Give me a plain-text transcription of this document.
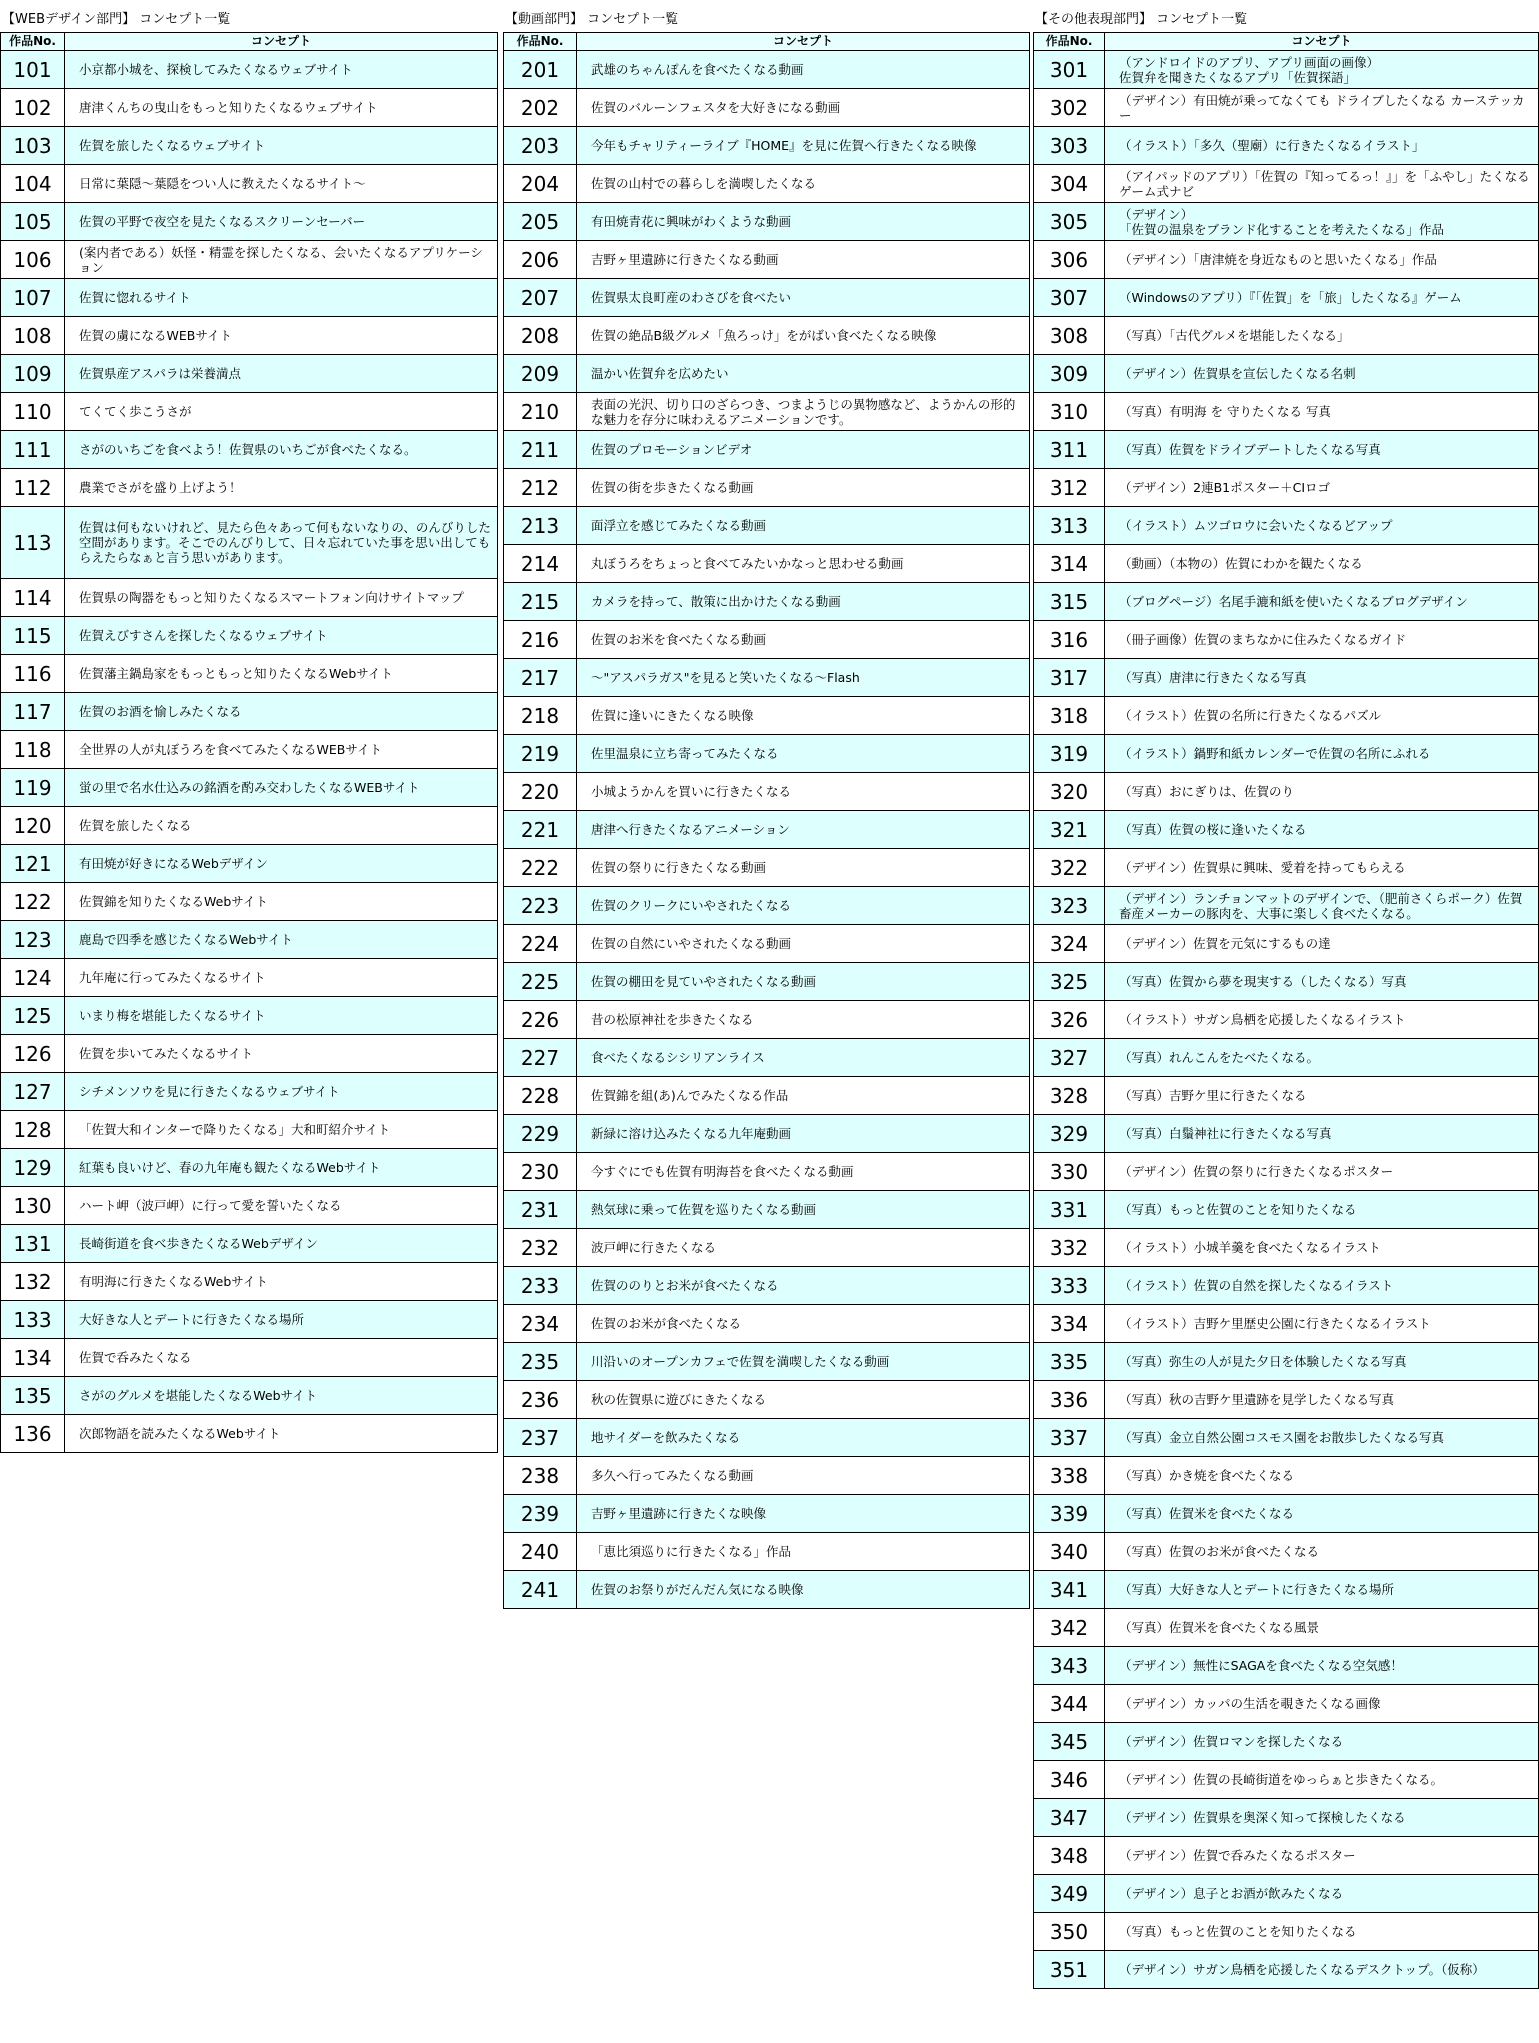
【WEBデザイン部門】 コンセプト一覧
作品No.	コンセプト
101	小京都小城を、探検してみたくなるウェブサイト
102	唐津くんちの曳山をもっと知りたくなるウェブサイト
103	佐賀を旅したくなるウェブサイト
104	日常に葉隠～葉隠をつい人に教えたくなるサイト～
105	佐賀の平野で夜空を見たくなるスクリーンセーバー
106	(案内者である）妖怪・精霊を探したくなる、会いたくなるアプリケーション
107	佐賀に惚れるサイト
108	佐賀の虜になるWEBサイト
109	佐賀県産アスパラは栄養満点
110	てくてく歩こうさが
111	さがのいちごを食べよう！佐賀県のいちごが食べたくなる。
112	農業でさがを盛り上げよう！
113	佐賀は何もないけれど、見たら色々あって何もないなりの、のんびりした空間があります。そこでのんびりして、日々忘れていた事を思い出してもらえたらなぁと言う思いがあります。
114	佐賀県の陶器をもっと知りたくなるスマートフォン向けサイトマップ
115	佐賀えびすさんを探したくなるウェブサイト
116	佐賀藩主鍋島家をもっともっと知りたくなるWebサイト
117	佐賀のお酒を愉しみたくなる
118	全世界の人が丸ぼうろを食べてみたくなるWEBサイト
119	蛍の里で名水仕込みの銘酒を酌み交わしたくなるWEBサイト
120	佐賀を旅したくなる
121	有田焼が好きになるWebデザイン
122	佐賀錦を知りたくなるWebサイト
123	鹿島で四季を感じたくなるWebサイト
124	九年庵に行ってみたくなるサイト
125	いまり梅を堪能したくなるサイト
126	佐賀を歩いてみたくなるサイト
127	シチメンソウを見に行きたくなるウェブサイト
128	「佐賀大和インターで降りたくなる」大和町紹介サイト
129	紅葉も良いけど、春の九年庵も観たくなるWebサイト
130	ハート岬（波戸岬）に行って愛を誓いたくなる
131	長崎街道を食べ歩きたくなるWebデザイン
132	有明海に行きたくなるWebサイト
133	大好きな人とデートに行きたくなる場所
134	佐賀で呑みたくなる
135	さがのグルメを堪能したくなるWebサイト
136	次郎物語を読みたくなるWebサイト
【動画部門】 コンセプト一覧
作品No.	コンセプト
201	武雄のちゃんぽんを食べたくなる動画
202	佐賀のバルーンフェスタを大好きになる動画
203	今年もチャリティーライブ『HOME』を見に佐賀へ行きたくなる映像
204	佐賀の山村での暮らしを満喫したくなる
205	有田焼青花に興味がわくような動画
206	吉野ヶ里遺跡に行きたくなる動画
207	佐賀県太良町産のわさびを食べたい
208	佐賀の絶品B級グルメ「魚ろっけ」をがばい食べたくなる映像
209	温かい佐賀弁を広めたい
210	表面の光沢、切り口のざらつき、つまようじの異物感など、ようかんの形的な魅力を存分に味わえるアニメーションです。
211	佐賀のプロモーションビデオ
212	佐賀の街を歩きたくなる動画
213	面浮立を感じてみたくなる動画
214	丸ぼうろをちょっと食べてみたいかなっと思わせる動画
215	カメラを持って、散策に出かけたくなる動画
216	佐賀のお米を食べたくなる動画
217	～"アスパラガス"を見ると笑いたくなる～Flash
218	佐賀に逢いにきたくなる映像
219	佐里温泉に立ち寄ってみたくなる
220	小城ようかんを買いに行きたくなる
221	唐津へ行きたくなるアニメーション
222	佐賀の祭りに行きたくなる動画
223	佐賀のクリークにいやされたくなる
224	佐賀の自然にいやされたくなる動画
225	佐賀の棚田を見ていやされたくなる動画
226	昔の松原神社を歩きたくなる
227	食べたくなるシシリアンライス
228	佐賀錦を組(あ)んでみたくなる作品
229	新緑に溶け込みたくなる九年庵動画
230	今すぐにでも佐賀有明海苔を食べたくなる動画
231	熱気球に乗って佐賀を巡りたくなる動画
232	波戸岬に行きたくなる
233	佐賀ののりとお米が食べたくなる
234	佐賀のお米が食べたくなる
235	川沿いのオープンカフェで佐賀を満喫したくなる動画
236	秋の佐賀県に遊びにきたくなる
237	地サイダーを飲みたくなる
238	多久へ行ってみたくなる動画
239	吉野ヶ里遺跡に行きたくな映像
240	「恵比須巡りに行きたくなる」作品
241	佐賀のお祭りがだんだん気になる映像
【その他表現部門】 コンセプト一覧
作品No.	コンセプト
301	（アンドロイドのアプリ、アプリ画面の画像）
佐賀弁を聞きたくなるアプリ「佐賀探語」
302	（デザイン）有田焼が乗ってなくても ドライブしたくなる カーステッカー
303	（イラスト）「多久（聖廟）に行きたくなるイラスト」
304	（アイパッドのアプリ）「佐賀の『知ってるっ！』」を「ふやし」たくなるゲーム式ナビ
305	（デザイン）
「佐賀の温泉をブランド化することを考えたくなる」作品
306	（デザイン）「唐津焼を身近なものと思いたくなる」作品
307	（Windowsのアプリ）『「佐賀」を「旅」したくなる』ゲーム
308	（写真）「古代グルメを堪能したくなる」
309	（デザイン）佐賀県を宣伝したくなる名刺
310	（写真）有明海 を 守りたくなる 写真
311	（写真）佐賀をドライブデートしたくなる写真
312	（デザイン）2連B1ポスター＋CIロゴ
313	（イラスト）ムツゴロウに会いたくなるどアップ
314	（動画）（本物の）佐賀にわかを観たくなる
315	（ブログページ）名尾手漉和紙を使いたくなるブログデザイン
316	（冊子画像）佐賀のまちなかに住みたくなるガイド
317	（写真）唐津に行きたくなる写真
318	（イラスト）佐賀の名所に行きたくなるパズル
319	（イラスト）鍋野和紙カレンダーで佐賀の名所にふれる
320	（写真）おにぎりは、佐賀のり
321	（写真）佐賀の桜に逢いたくなる
322	（デザイン）佐賀県に興味、愛着を持ってもらえる
323	（デザイン）ランチョンマットのデザインで、（肥前さくらポーク）佐賀畜産メーカーの豚肉を、大事に楽しく食べたくなる。
324	（デザイン）佐賀を元気にするもの達
325	（写真）佐賀から夢を現実する（したくなる）写真
326	（イラスト）サガン鳥栖を応援したくなるイラスト
327	（写真）れんこんをたべたくなる。
328	（写真）吉野ケ里に行きたくなる
329	（写真）白鬚神社に行きたくなる写真
330	（デザイン）佐賀の祭りに行きたくなるポスター
331	（写真）もっと佐賀のことを知りたくなる
332	（イラスト）小城羊羹を食べたくなるイラスト
333	（イラスト）佐賀の自然を探したくなるイラスト
334	（イラスト）吉野ケ里歴史公園に行きたくなるイラスト
335	（写真）弥生の人が見た夕日を体験したくなる写真
336	（写真）秋の吉野ケ里遺跡を見学したくなる写真
337	（写真）金立自然公園コスモス園をお散歩したくなる写真
338	（写真）かき焼を食べたくなる
339	（写真）佐賀米を食べたくなる
340	（写真）佐賀のお米が食べたくなる
341	（写真）大好きな人とデートに行きたくなる場所
342	（写真）佐賀米を食べたくなる風景
343	（デザイン）無性にSAGAを食べたくなる空気感！
344	（デザイン）カッパの生活を覗きたくなる画像
345	（デザイン）佐賀ロマンを探したくなる
346	（デザイン）佐賀の長崎街道をゆっらぁと歩きたくなる。
347	（デザイン）佐賀県を奥深く知って探検したくなる
348	（デザイン）佐賀で呑みたくなるポスター
349	（デザイン）息子とお酒が飲みたくなる
350	（写真）もっと佐賀のことを知りたくなる
351	（デザイン）サガン鳥栖を応援したくなるデスクトップ。（仮称）
